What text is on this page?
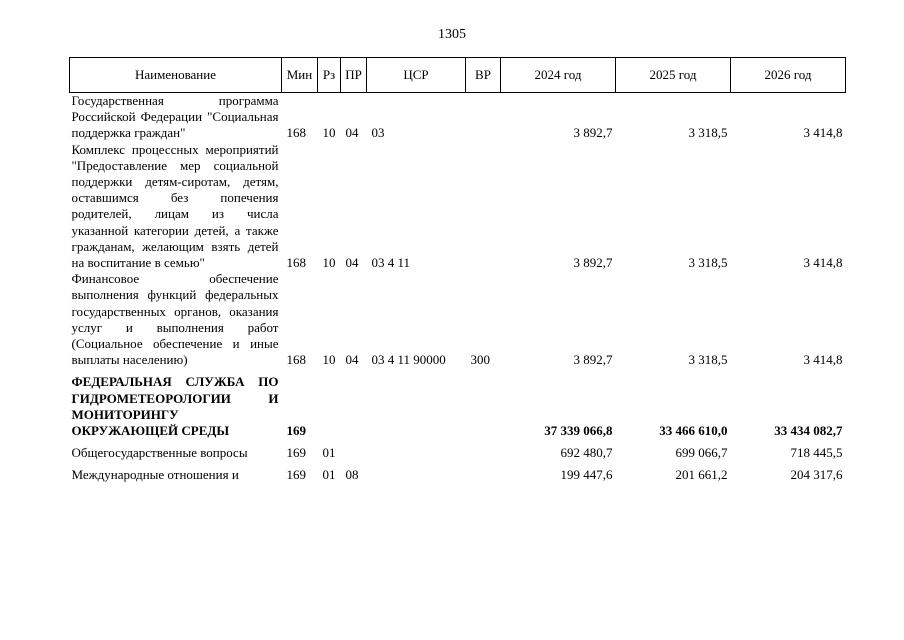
1305
Наименование	Мин	Рз	ПР	ЦСР	ВР	2024 год	2025 год	2026 год
Государственная программа Российской Федерации "Социальная поддержка граждан"	168	10	04	03		3 892,7	3 318,5	3 414,8
Комплекс процессных мероприятий "Предоставление мер социальной поддержки детям-сиротам, детям, оставшимся без попечения родителей, лицам из числа указанной категории детей, а также гражданам, желающим взять детей на воспитание в семью"	168	10	04	03 4 11		3 892,7	3 318,5	3 414,8
Финансовое обеспечение выполнения функций федеральных государственных органов, оказания услуг и выполнения работ (Социальное обеспечение и иные выплаты населению)	168	10	04	03 4 11 90000	300	3 892,7	3 318,5	3 414,8
ФЕДЕРАЛЬНАЯ СЛУЖБА ПО ГИДРОМЕТЕОРОЛОГИИ И МОНИТОРИНГУ ОКРУЖАЮЩЕЙ СРЕДЫ	169					37 339 066,8	33 466 610,0	33 434 082,7
Общегосударственные вопросы	169	01				692 480,7	699 066,7	718 445,5
Международные отношения и	169	01	08			199 447,6	201 661,2	204 317,6
